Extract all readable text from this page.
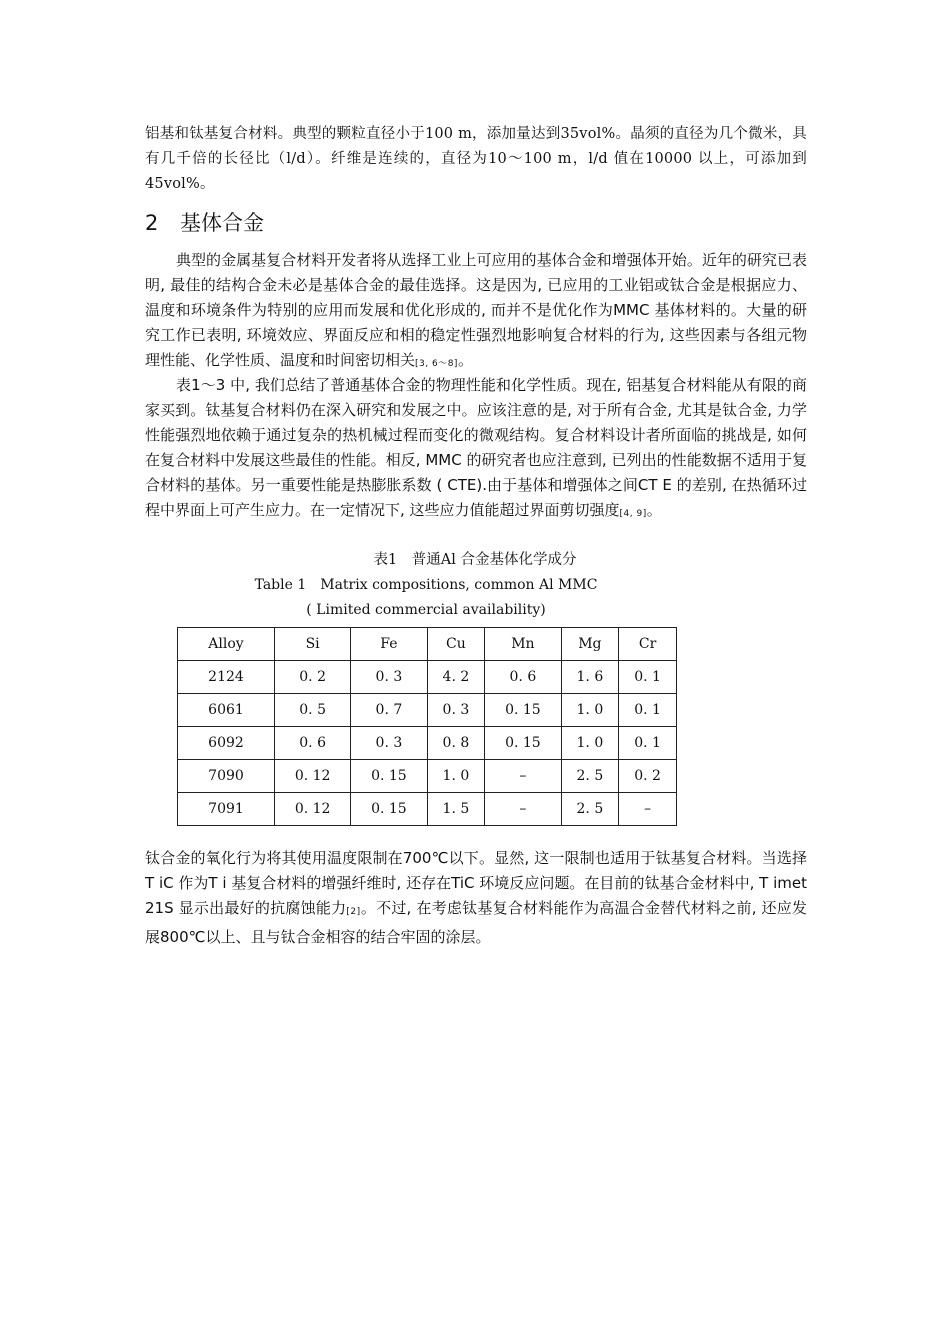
铝基和钛基复合材料。典型的颗粒直径小于100 m，添加量达到35vol%。晶须的直径为几个微米，具有几千倍的长径比（l/d）。纤维是连续的，直径为10～100 m，l/d 值在10000 以上，可添加到45vol%。

2 基体合金

典型的金属基复合材料开发者将从选择工业上可应用的基体合金和增强体开始。近年的研究已表明, 最佳的结构合金未必是基体合金的最佳选择。这是因为, 已应用的工业铝或钛合金是根据应力、温度和环境条件为特别的应用而发展和优化形成的, 而并不是优化作为MMC 基体材料的。大量的研究工作已表明, 环境效应、界面反应和相的稳定性强烈地影响复合材料的行为, 这些因素与各组元物理性能、化学性质、温度和时间密切相关[3, 6～8]。

表1～3 中, 我们总结了普通基体合金的物理性能和化学性质。现在, 铝基复合材料能从有限的商家买到。钛基复合材料仍在深入研究和发展之中。应该注意的是, 对于所有合金, 尤其是钛合金, 力学性能强烈地依赖于通过复杂的热机械过程而变化的微观结构。复合材料设计者所面临的挑战是, 如何在复合材料中发展这些最佳的性能。相反, MMC 的研究者也应注意到, 已列出的性能数据不适用于复合材料的基体。另一重要性能是热膨胀系数 ( CTE).由于基体和增强体之间CT E 的差别, 在热循环过程中界面上可产生应力。在一定情况下, 这些应力值能超过界面剪切强度[4, 9]。

表1　普通Al 合金基体化学成分

Table 1　Matrix compositions, common Al MMC

( Limited commercial availability)

Alloy	Si	Fe	Cu	Mn	Mg	Cr
2124	0. 2	0. 3	4. 2	0. 6	1. 6	0. 1
6061	0. 5	0. 7	0. 3	0. 15	1. 0	0. 1
6092	0. 6	0. 3	0. 8	0. 15	1. 0	0. 1
7090	0. 12	0. 15	1. 0	–	2. 5	0. 2
7091	0. 12	0. 15	1. 5	–	2. 5	–

钛合金的氧化行为将其使用温度限制在700℃以下。显然, 这一限制也适用于钛基复合材料。当选择T iC 作为T i 基复合材料的增强纤维时, 还存在TiC 环境反应问题。在目前的钛基合金材料中, T imet 21S 显示出最好的抗腐蚀能力[2]。不过, 在考虑钛基复合材料能作为高温合金替代材料之前, 还应发展800℃以上、且与钛合金相容的结合牢固的涂层。
